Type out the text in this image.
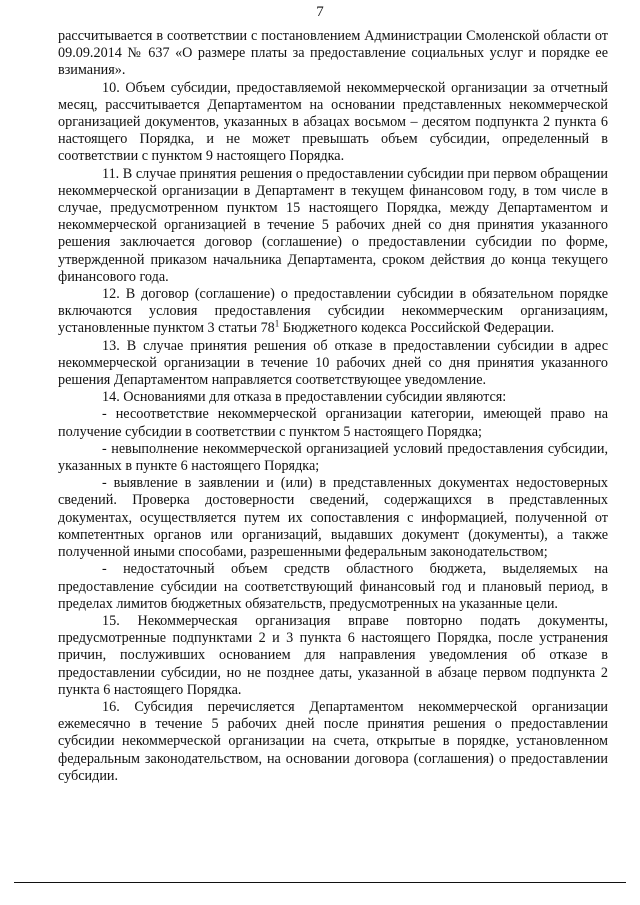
7

рассчитывается в соответствии с постановлением Администрации Смоленской области от 09.09.2014 № 637 «О размере платы за предоставление социальных услуг и порядке ее взимания».

10. Объем субсидии, предоставляемой некоммерческой организации за отчетный месяц, рассчитывается Департаментом на основании представленных некоммерческой организацией документов, указанных в абзацах восьмом – десятом подпункта 2 пункта 6 настоящего Порядка, и не может превышать объем субсидии, определенный в соответствии с пунктом 9 настоящего Порядка.

11. В случае принятия решения о предоставлении субсидии при первом обращении некоммерческой организации в Департамент в текущем финансовом году, в том числе в случае, предусмотренном пунктом 15 настоящего Порядка, между Департаментом и некоммерческой организацией в течение 5 рабочих дней со дня принятия указанного решения заключается договор (соглашение) о предоставлении субсидии по форме, утвержденной приказом начальника Департамента, сроком действия до конца текущего финансового года.

12. В договор (соглашение) о предоставлении субсидии в обязательном порядке включаются условия предоставления субсидии некоммерческим организациям, установленные пунктом 3 статьи $78^1$ Бюджетного кодекса Российской Федерации.

13. В случае принятия решения об отказе в предоставлении субсидии в адрес некоммерческой организации в течение 10 рабочих дней со дня принятия указанного решения Департаментом направляется соответствующее уведомление.

14. Основаниями для отказа в предоставлении субсидии являются:

- несоответствие некоммерческой организации категории, имеющей право на получение субсидии в соответствии с пунктом 5 настоящего Порядка;

- невыполнение некоммерческой организацией условий предоставления субсидии, указанных в пункте 6 настоящего Порядка;

- выявление в заявлении и (или) в представленных документах недостоверных сведений. Проверка достоверности сведений, содержащихся в представленных документах, осуществляется путем их сопоставления с информацией, полученной от компетентных органов или организаций, выдавших документ (документы), а также полученной иными способами, разрешенными федеральным законодательством;

- недостаточный объем средств областного бюджета, выделяемых на предоставление субсидии на соответствующий финансовый год и плановый период, в пределах лимитов бюджетных обязательств, предусмотренных на указанные цели.

15. Некоммерческая организация вправе повторно подать документы, предусмотренные подпунктами 2 и 3 пункта 6 настоящего Порядка, после устранения причин, послуживших основанием для направления уведомления об отказе в предоставлении субсидии, но не позднее даты, указанной в абзаце первом подпункта 2 пункта 6 настоящего Порядка.

16. Субсидия перечисляется Департаментом некоммерческой организации ежемесячно в течение 5 рабочих дней после принятия решения о предоставлении субсидии некоммерческой организации на счета, открытые в порядке, установленном федеральным законодательством, на основании договора (соглашения) о предоставлении субсидии.
